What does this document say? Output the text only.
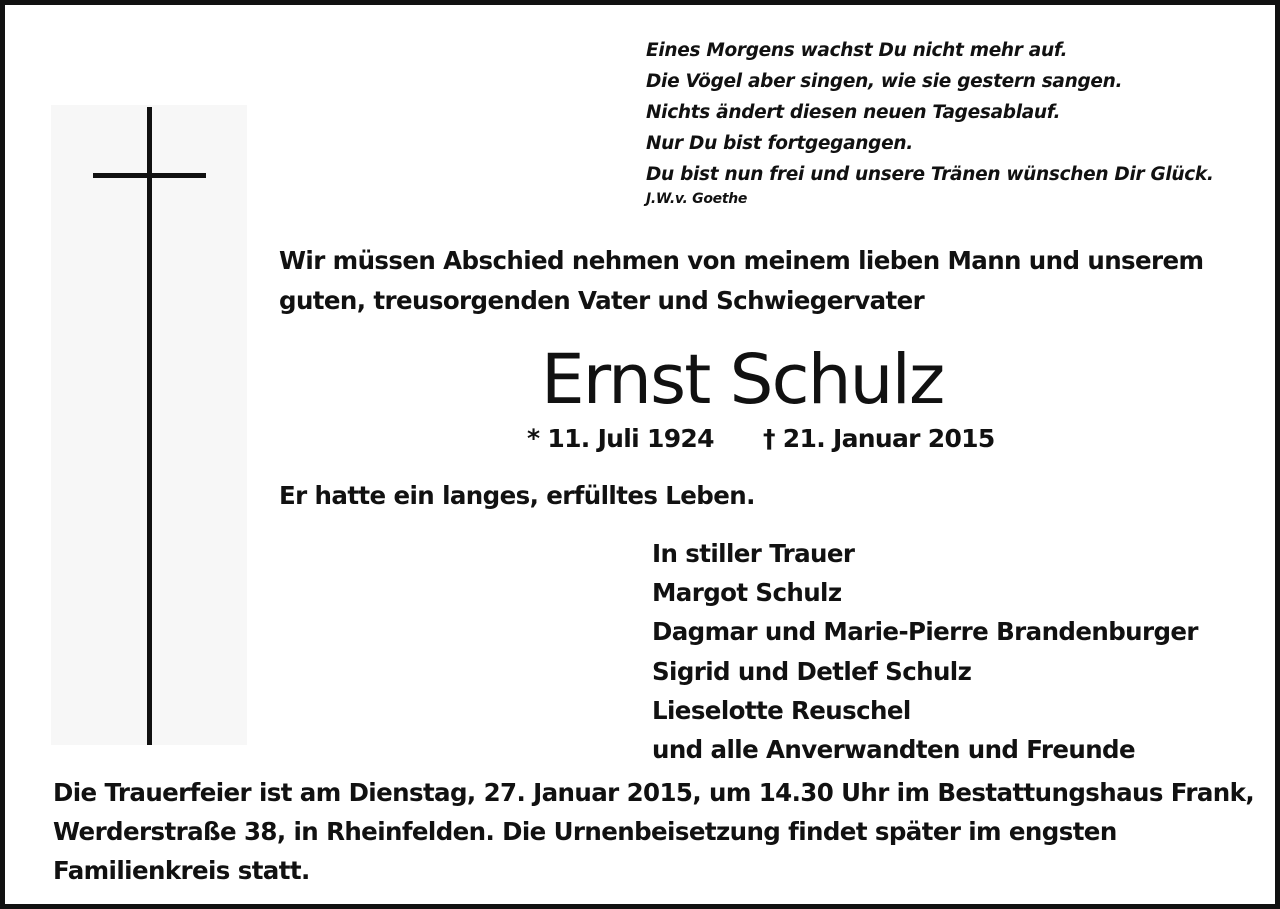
Eines Morgens wachst Du nicht mehr auf.
Die Vögel aber singen, wie sie gestern sangen.
Nichts ändert diesen neuen Tagesablauf.
Nur Du bist fortgegangen.
Du bist nun frei und unsere Tränen wünschen Dir Glück.
J.W.v. Goethe
Wir müssen Abschied nehmen von meinem lieben Mann und unserem
guten, treusorgenden Vater und Schwiegervater
Ernst Schulz
* 11. Juli 1924 † 21. Januar 2015
Er hatte ein langes, erfülltes Leben.
In stiller Trauer
Margot Schulz
Dagmar und Marie-Pierre Brandenburger
Sigrid und Detlef Schulz
Lieselotte Reuschel
und alle Anverwandten und Freunde
Die Trauerfeier ist am Dienstag, 27. Januar 2015, um 14.30 Uhr im Bestattungshaus Frank,
Werderstraße 38, in Rheinfelden. Die Urnenbeisetzung findet später im engsten
Familienkreis statt.
